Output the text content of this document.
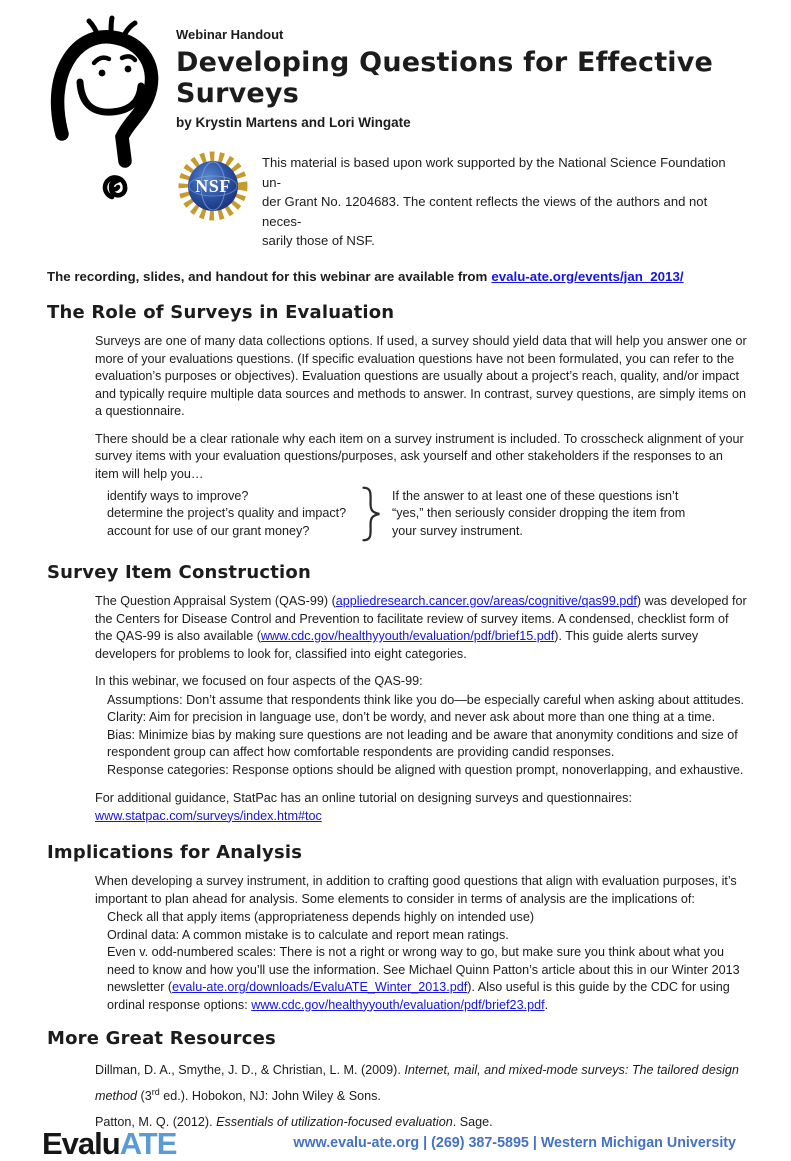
Webinar Handout
Developing Questions for Effective Surveys
by Krystin Martens and Lori Wingate
NSF
This material is based upon work supported by the National Science Foundation un-
der Grant No. 1204683. The content reflects the views of the authors and not neces-
sarily those of NSF.
The recording, slides, and handout for this webinar are available from evalu-ate.org/events/jan_2013/
The Role of Surveys in Evaluation
Surveys are one of many data collections options. If used, a survey should yield data that will help you answer one or more of your evaluations questions. (If specific evaluation questions have not been formulated, you can refer to the evaluation’s purposes or objectives). Evaluation questions are usually about a project’s reach, quality, and/or impact and typically require multiple data sources and methods to answer. In contrast, survey questions, are simply items on a questionnaire.
There should be a clear rationale why each item on a survey instrument is included. To crosscheck alignment of your survey items with your evaluation questions/purposes, ask yourself and other stakeholders if the responses to an item will help you…
identify ways to improve?
determine the project’s quality and impact?
account for use of our grant money?
If the answer to at least one of these questions isn’t “yes,” then seriously consider dropping the item from your survey instrument.
Survey Item Construction
The Question Appraisal System (QAS-99) (appliedresearch.cancer.gov/areas/cognitive/qas99.pdf) was developed for the Centers for Disease Control and Prevention to facilitate review of survey items. A condensed, checklist form of the QAS-99 is also available (www.cdc.gov/healthyyouth/evaluation/pdf/brief15.pdf). This guide alerts survey developers for problems to look for, classified into eight categories.
In this webinar, we focused on four aspects of the QAS-99:
Assumptions: Don’t assume that respondents think like you do—be especially careful when asking about attitudes.
Clarity: Aim for precision in language use, don’t be wordy, and never ask about more than one thing at a time.
Bias: Minimize bias by making sure questions are not leading and be aware that anonymity conditions and size of respondent group can affect how comfortable respondents are providing candid responses.
Response categories: Response options should be aligned with question prompt, nonoverlapping, and exhaustive.
For additional guidance, StatPac has an online tutorial on designing surveys and questionnaires:
www.statpac.com/surveys/index.htm#toc
Implications for Analysis
When developing a survey instrument, in addition to crafting good questions that align with evaluation purposes, it’s important to plan ahead for analysis. Some elements to consider in terms of analysis are the implications of:
Check all that apply items (appropriateness depends highly on intended use)
Ordinal data: A common mistake is to calculate and report mean ratings.
Even v. odd-numbered scales: There is not a right or wrong way to go, but make sure you think about what you need to know and how you’ll use the information. See Michael Quinn Patton’s article about this in our Winter 2013 newsletter (evalu-ate.org/downloads/EvaluATE_Winter_2013.pdf). Also useful is this guide by the CDC for using ordinal response options: www.cdc.gov/healthyyouth/evaluation/pdf/brief23.pdf.
More Great Resources
Dillman, D. A., Smythe, J. D., & Christian, L. M. (2009). Internet, mail, and mixed-mode surveys: The tailored design method (3rd ed.). Hobokon, NJ: John Wiley & Sons.
Patton, M. Q. (2012). Essentials of utilization-focused evaluation. Sage.
EvaluATE	www.evalu-ate.org | (269) 387-5895 | Western Michigan University
